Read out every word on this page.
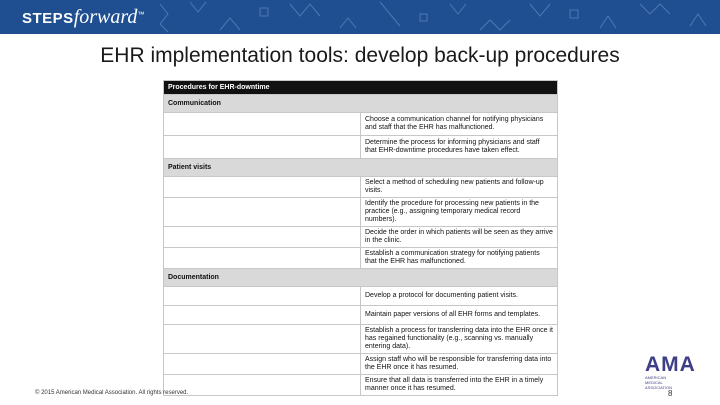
STEPSforward™
EHR implementation tools: develop back-up procedures
Procedures for EHR-downtime	
Communication	
	Choose a communication channel for notifying physicians and staff that the EHR has malfunctioned.
	Determine the process for informing physicians and staff that EHR-downtime procedures have taken effect.
Patient visits	
	Select a method of scheduling new patients and follow-up visits.
	Identify the procedure for processing new patients in the practice (e.g., assigning temporary medical record numbers).
	Decide the order in which patients will be seen as they arrive in the clinic.
	Establish a communication strategy for notifying patients that the EHR has malfunctioned.
Documentation	
	Develop a protocol for documenting patient visits.
	Maintain paper versions of all EHR forms and templates.
	Establish a process for transferring data into the EHR once it has regained functionality (e.g., scanning vs. manually entering data).
	Assign staff who will be responsible for transferring data into the EHR once it has resumed.
	Ensure that all data is transferred into the EHR in a timely manner once it has resumed.
© 2015 American Medical Association. All rights reserved.
AMA
AMERICAN
MEDICAL
ASSOCIATION
8
